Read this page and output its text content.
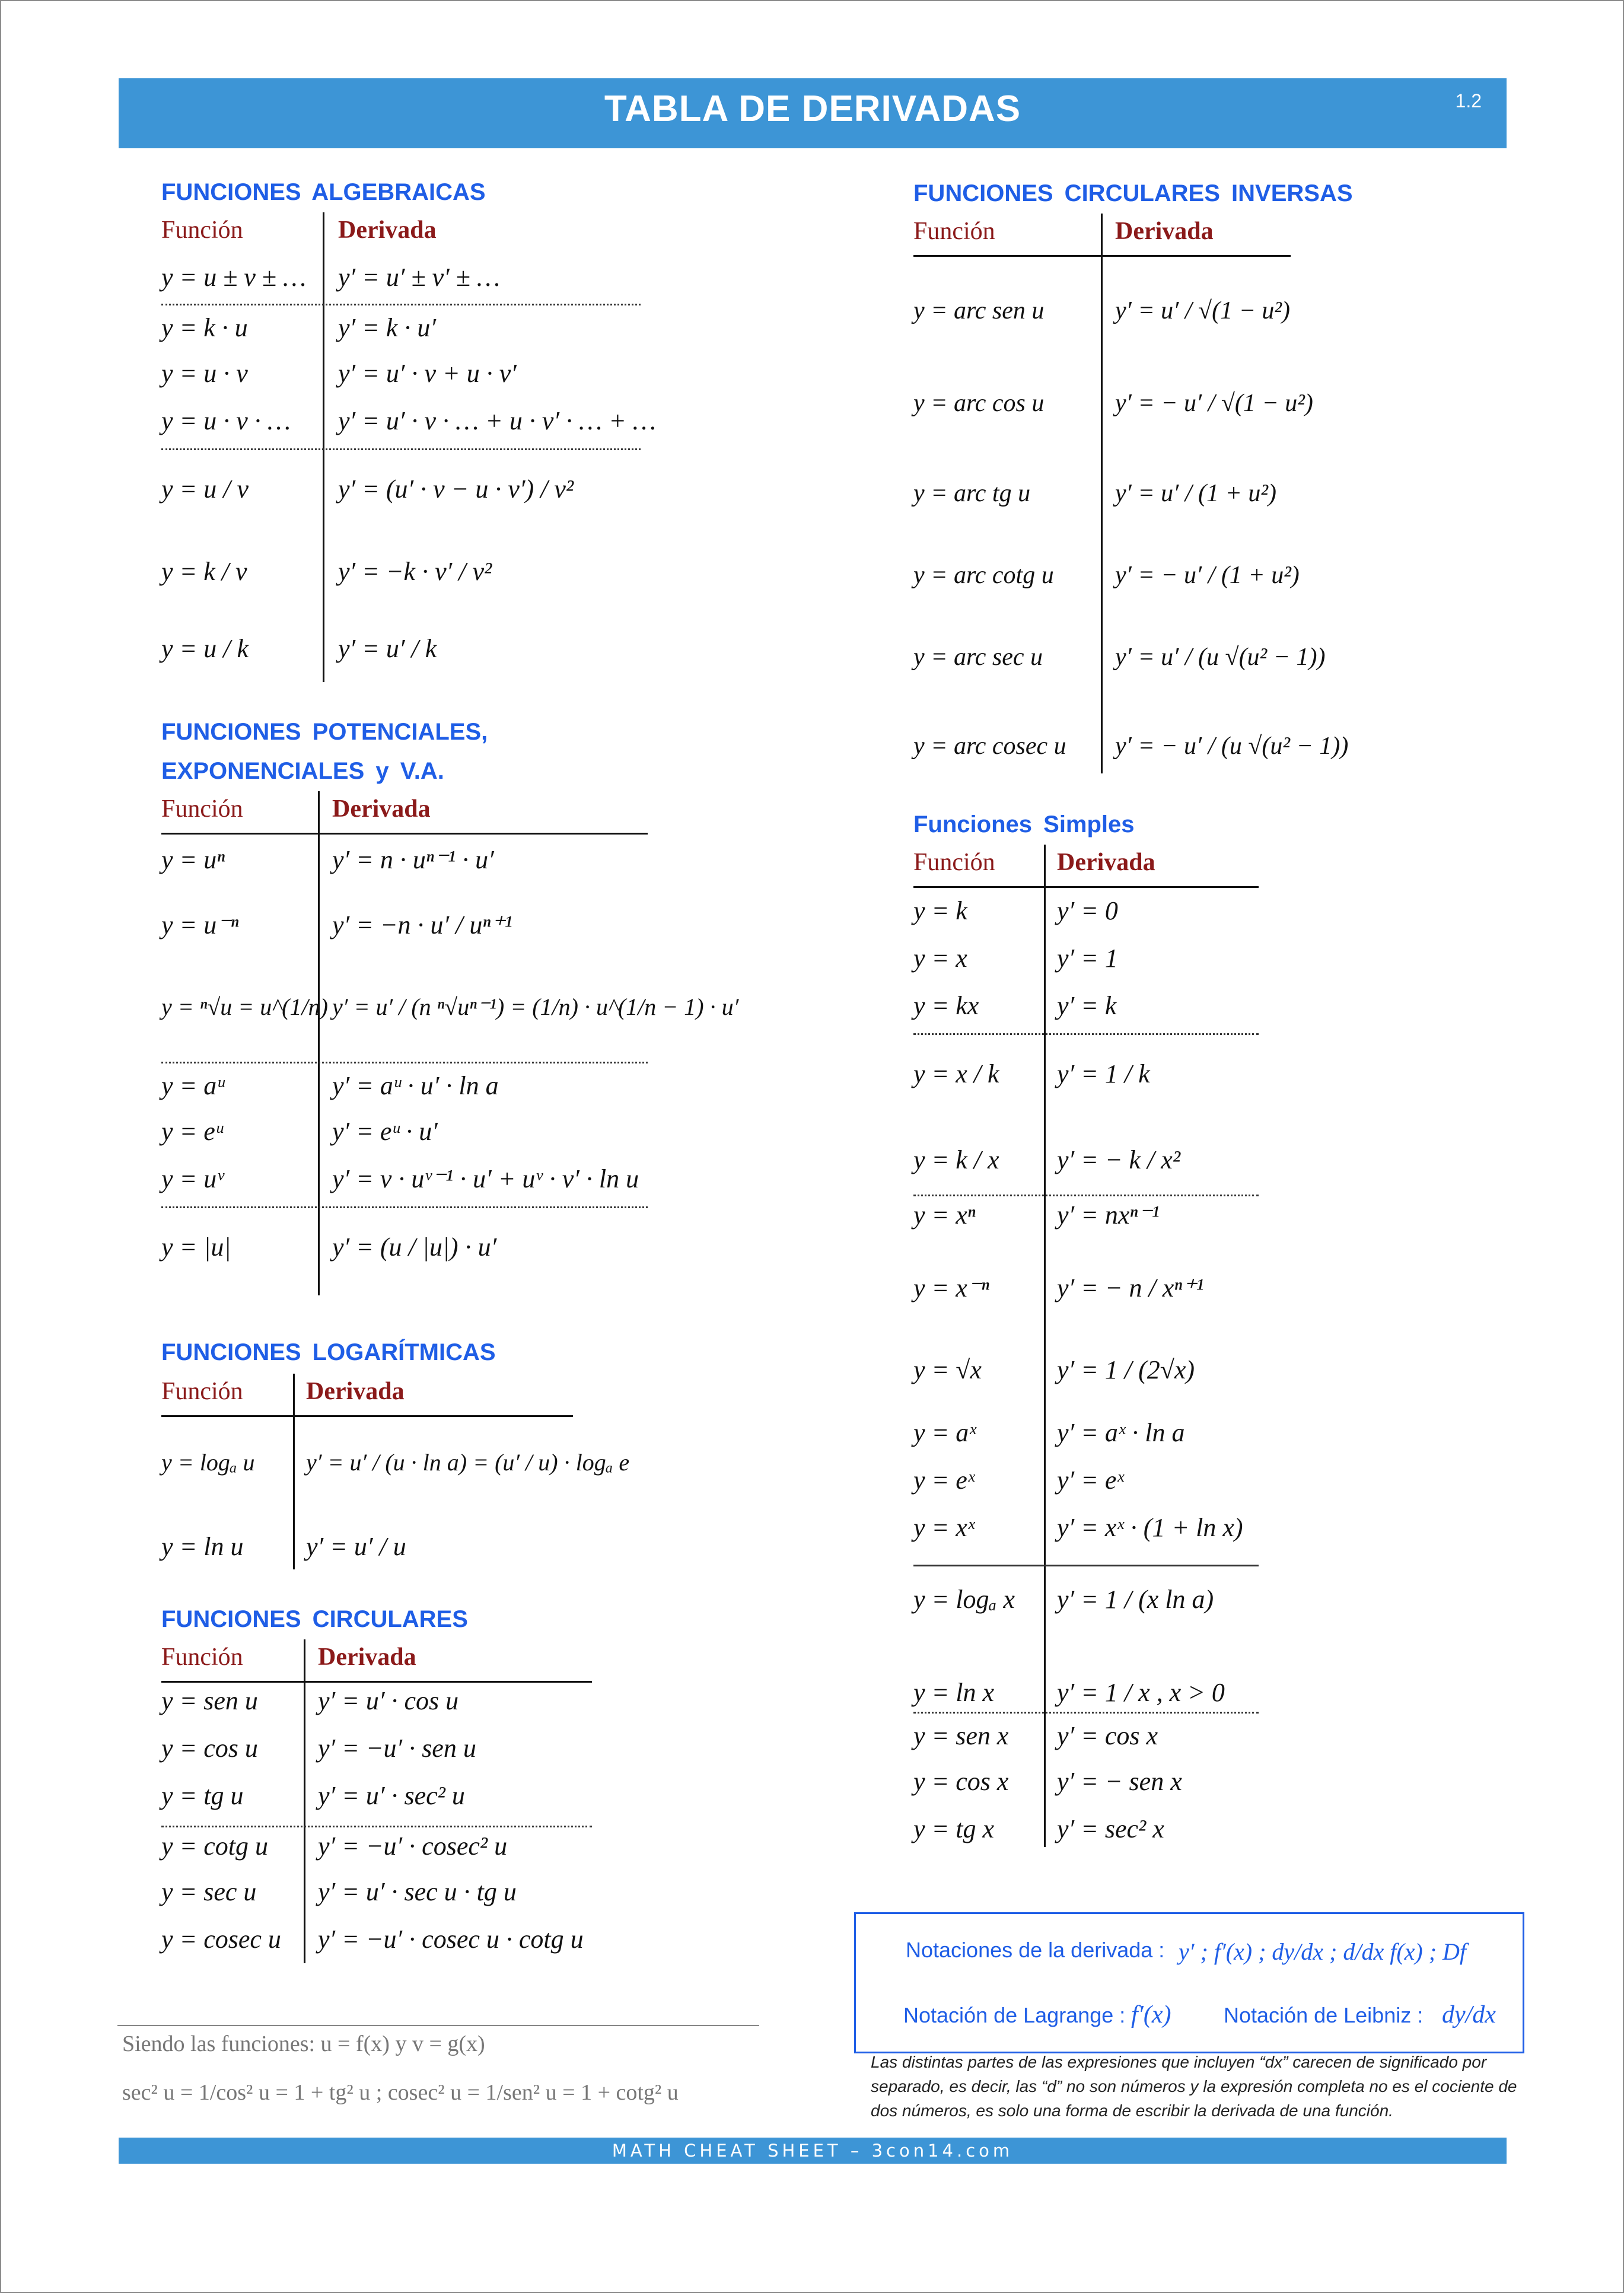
TABLA DE DERIVADAS	1.2
FUNCIONES ALGEBRAICAS
Función	Derivada
y = u ± v ± … y′ = u′ ± v′ ± …
y = k · u	y′ = k · u′
y = u · v	y′ = u′ · v + u · v′
y = u · v · … y′ = u′ · v · … + u · v′ · … + …
y = u / v	y′ = (u′ · v − u · v′) / v²
y = k / v	y′ = −k · v′ / v²
y = u / k	y′ = u′ / k
FUNCIONES POTENCIALES,
EXPONENCIALES y V.A.
Función	Derivada
y = uⁿ	y′ = n · uⁿ⁻¹ · u′
y = u⁻ⁿ	y′ = −n · u′ / uⁿ⁺¹
y = ⁿ√u = u^(1/n) y′ = u′ / (n ⁿ√uⁿ⁻¹) = (1/n) · u^(1/n − 1) · u′
y = aᵘ	y′ = aᵘ · u′ · ln a
y = eᵘ	y′ = eᵘ · u′
y = uᵛ	y′ = v · uᵛ⁻¹ · u′ + uᵛ · v′ · ln u
y = |u|	y′ = (u / |u|) · u′
FUNCIONES LOGARÍTMICAS
Función	Derivada
y = logₐ u y′ = u′ / (u · ln a) = (u′ / u) · logₐ e
y = ln u y′ = u′ / u
FUNCIONES CIRCULARES
Función	Derivada
y = sen u y′ = u′ · cos u
y = cos u y′ = −u′ · sen u
y = tg u	y′ = u′ · sec² u
y = cotg u y′ = −u′ · cosec² u
y = sec u y′ = u′ · sec u · tg u
y = cosec u y′ = −u′ · cosec u · cotg u
Siendo las funciones: u = f(x) y v = g(x)
sec² u = 1/cos² u = 1 + tg² u ; cosec² u = 1/sen² u = 1 + cotg² u
FUNCIONES CIRCULARES INVERSAS
Función	Derivada
y = arc sen u	y′ = u′ / √(1 − u²)
y = arc cos u	y′ = − u′ / √(1 − u²)
y = arc tg u	y′ = u′ / (1 + u²)
y = arc cotg u y′ = − u′ / (1 + u²)
y = arc sec u	y′ = u′ / (u √(u² − 1))
y = arc cosec u y′ = − u′ / (u √(u² − 1))
Funciones Simples
Función Derivada
y = k	y′ = 0
y = x	y′ = 1
y = kx	y′ = k
y = x / k y′ = 1 / k
y = k / x y′ = − k / x²
y = xⁿ	y′ = nxⁿ⁻¹
y = x⁻ⁿ	y′ = − n / xⁿ⁺¹
y = √x	y′ = 1 / (2√x)
y = aˣ	y′ = aˣ · ln a
y = eˣ	y′ = eˣ
y = xˣ	y′ = xˣ · (1 + ln x)
y = logₐ x y′ = 1 / (x ln a)
y = ln x y′ = 1 / x , x > 0
y = sen x y′ = cos x
y = cos x y′ = − sen x
y = tg x y′ = sec² x
Notaciones de la derivada : y′ ; f′(x) ; dy/dx ; d/dx f(x) ; Df
Notación de Lagrange : f′(x) Notación de Leibniz : dy/dx
Las distintas partes de las expresiones que incluyen “dx” carecen de significado por separado, es decir, las “d” no son números y la expresión completa no es el cociente de dos números, es solo una forma de escribir la derivada de una función.
MATH CHEAT SHEET – 3con14.com
